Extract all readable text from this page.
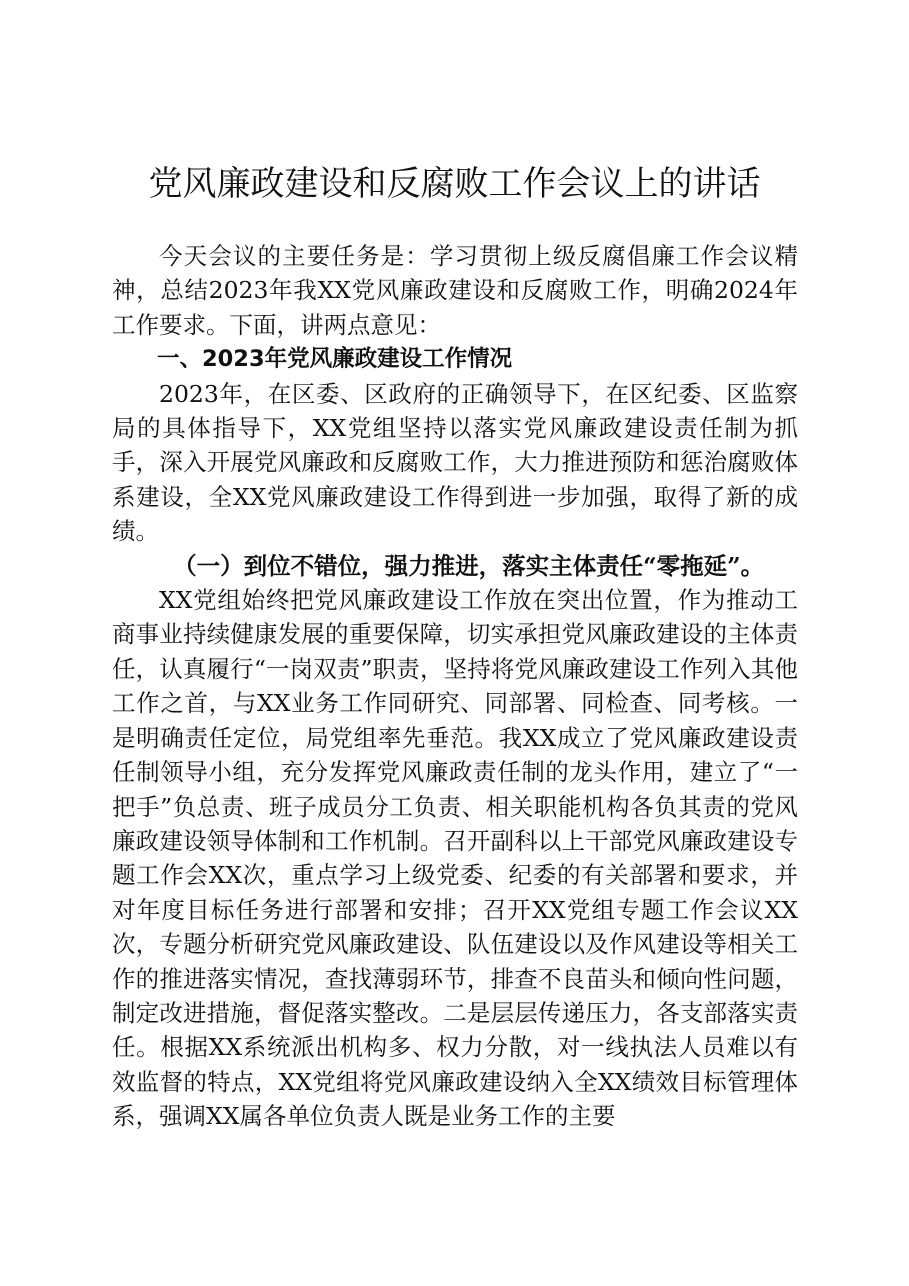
党风廉政建设和反腐败工作会议上的讲话

今天会议的主要任务是：学习贯彻上级反腐倡廉工作会议精神，总结2023年我XX党风廉政建设和反腐败工作，明确2024年工作要求。下面，讲两点意见：

一、2023年党风廉政建设工作情况

2023年，在区委、区政府的正确领导下，在区纪委、区监察局的具体指导下，XX党组坚持以落实党风廉政建设责任制为抓手，深入开展党风廉政和反腐败工作，大力推进预防和惩治腐败体系建设，全XX党风廉政建设工作得到进一步加强，取得了新的成绩。

（一）到位不错位，强力推进，落实主体责任“零拖延”。

XX党组始终把党风廉政建设工作放在突出位置，作为推动工商事业持续健康发展的重要保障，切实承担党风廉政建设的主体责任，认真履行“一岗双责”职责，坚持将党风廉政建设工作列入其他工作之首，与XX业务工作同研究、同部署、同检查、同考核。一是明确责任定位，局党组率先垂范。我XX成立了党风廉政建设责任制领导小组，充分发挥党风廉政责任制的龙头作用，建立了“一把手”负总责、班子成员分工负责、相关职能机构各负其责的党风廉政建设领导体制和工作机制。召开副科以上干部党风廉政建设专题工作会XX次，重点学习上级党委、纪委的有关部署和要求，并对年度目标任务进行部署和安排；召开XX党组专题工作会议XX次，专题分析研究党风廉政建设、队伍建设以及作风建设等相关工作的推进落实情况，查找薄弱环节，排查不良苗头和倾向性问题，制定改进措施，督促落实整改。二是层层传递压力，各支部落实责任。根据XX系统派出机构多、权力分散，对一线执法人员难以有效监督的特点，XX党组将党风廉政建设纳入全XX绩效目标管理体系，强调XX属各单位负责人既是业务工作的主要
